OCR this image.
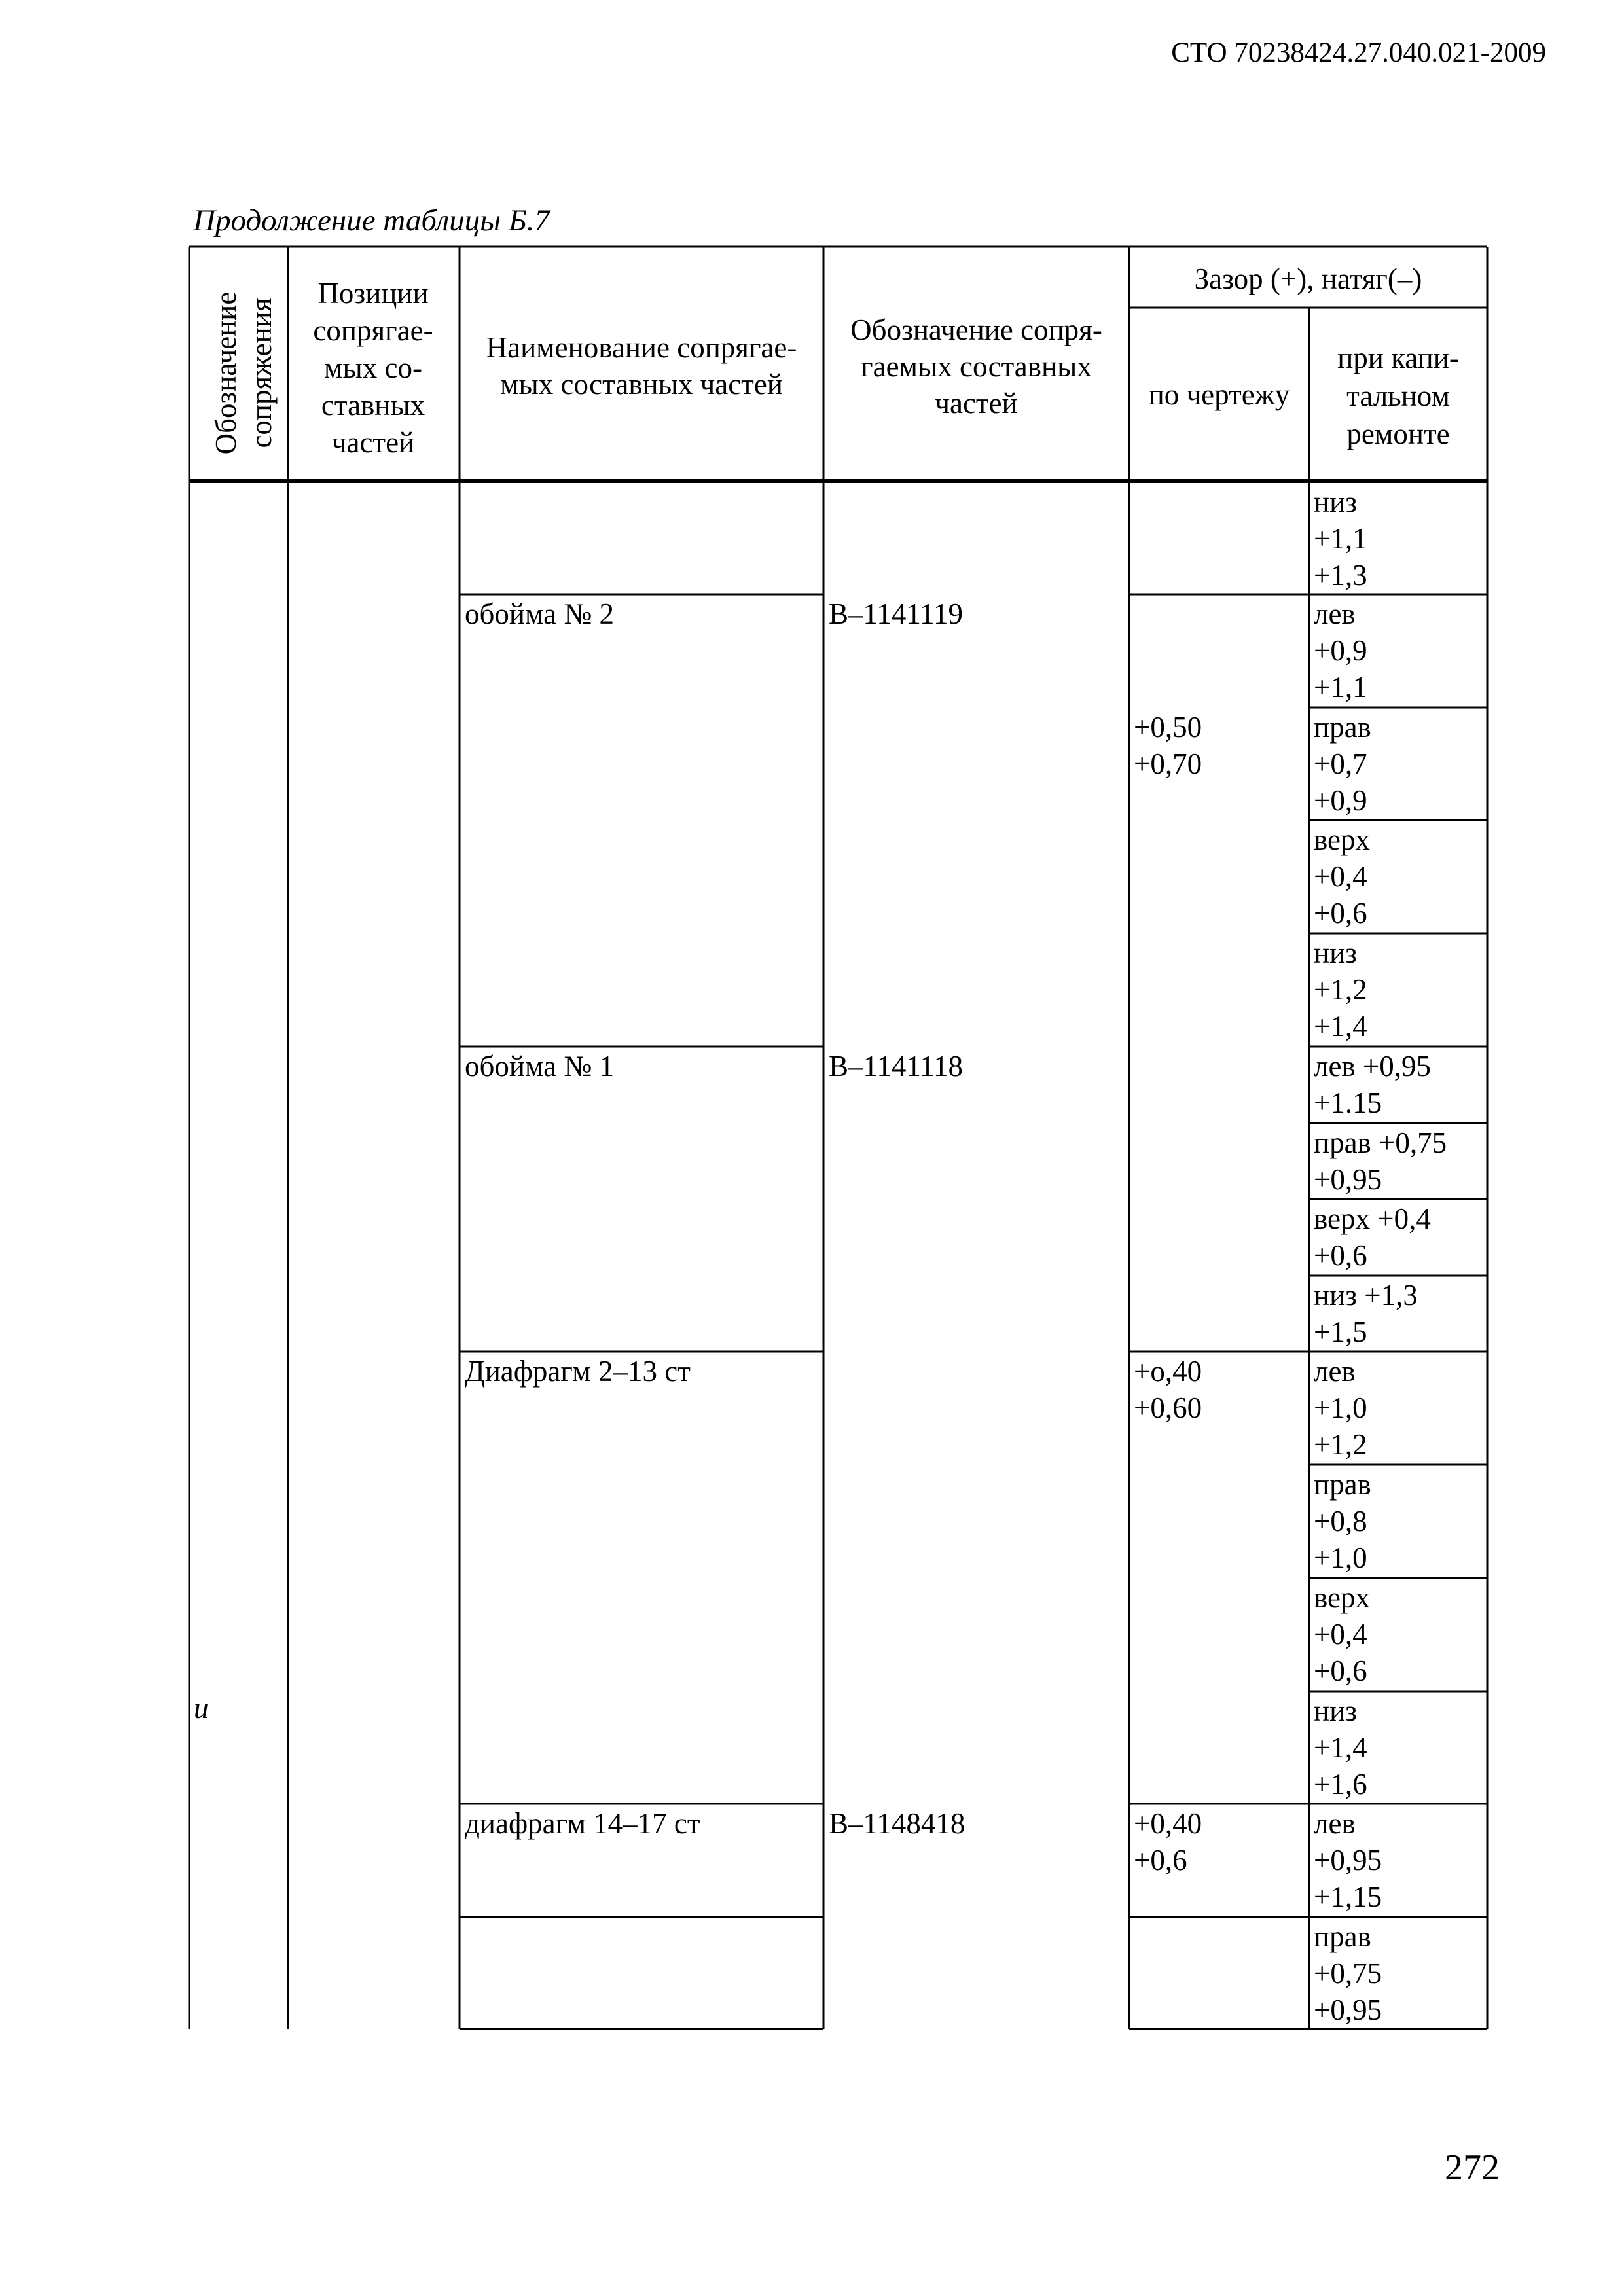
СТО 70238424.27.040.021-2009
Продолжение таблицы Б.7
Обозначение сопряжения
Позиции сопрягае-мых со-ставных частей
Наименование сопрягае-мых составных частей
Обозначение сопря-гаемых составных частей
Зазор (+), натяг(–)
по чертежу
при капи-тальном ремонте
и
обойма № 2
обойма № 1
Диафрагм 2–13 ст
диафрагм 14–17 ст
В–1141119
В–1141118
В–1148418
+0,50
+0,70
+о,40
+0,60
+0,40
+0,6
низ
+1,1
+1,3
лев
+0,9
+1,1
прав
+0,7
+0,9
верх
+0,4
+0,6
низ
+1,2
+1,4
лев +0,95
+1.15
прав +0,75
+0,95
верх +0,4
+0,6
низ +1,3
+1,5
лев
+1,0
+1,2
прав
+0,8
+1,0
верх
+0,4
+0,6
низ
+1,4
+1,6
лев
+0,95
+1,15
прав
+0,75
+0,95
272
